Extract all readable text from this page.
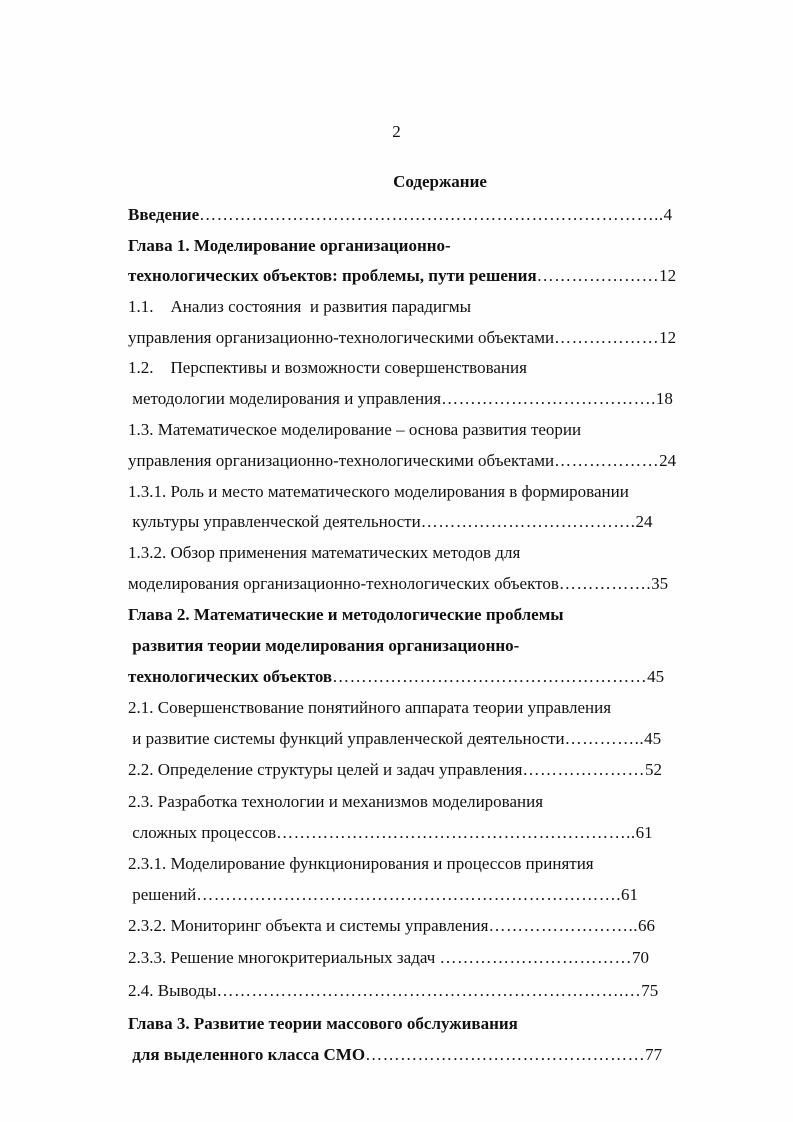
2
Содержание
Введение …………………………………………………………………….. 4
Глава 1. Моделирование организационно-
технологических объектов: проблемы, пути решения ………………… 12
1.1.    Анализ состояния  и развития парадигмы
управления организационно-технологическими объектами ……………… 12
1.2.    Перспективы и возможности совершенствования
методологии моделирования и управления ………………………………. 18
1.3. Математическое моделирование – основа развития теории
управления организационно-технологическими объектами ……………… 24
1.3.1. Роль и место математического моделирования в формировании
культуры управленческой деятельности ………………………………. 24
1.3.2. Обзор применения математических методов для
моделирования организационно-технологических объектов ……………. 35
Глава 2. Математические и методологические проблемы
развития теории моделирования организационно-
технологических объектов ……………………………………………… 45
2.1. Совершенствование понятийного аппарата теории управления
и развитие системы функций управленческой деятельности ………….. 45
2.2. Определение структуры целей и задач управления ………………… 52
2.3. Разработка технологии и механизмов моделирования
сложных процессов …………………………………………………….. 61
2.3.1. Моделирование функционирования и процессов принятия
решений ………………………………………………………………. 61
2.3.2. Мониторинг объекта и системы управления …………………….. 66
2.3.3. Решение многокритериальных задач …………………………… 70
2.4. Выводы …………………………………………………………….… 75
Глава 3. Развитие теории массового обслуживания
для выделенного класса СМО ………………………………………… 77
